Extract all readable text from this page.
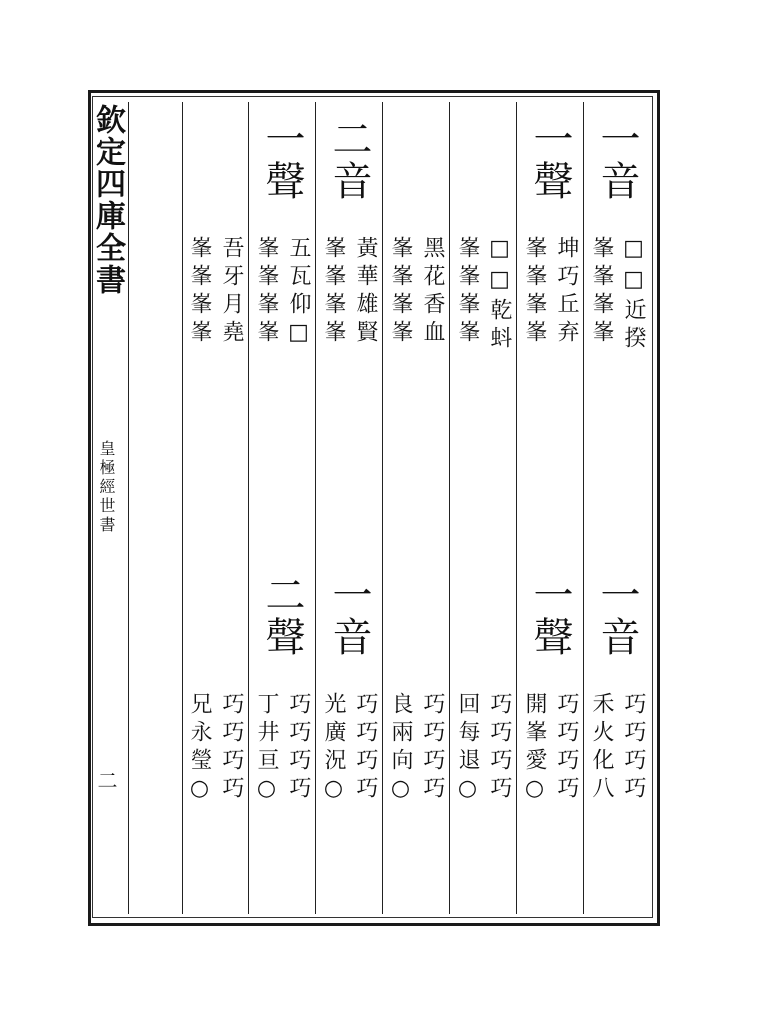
欽定四庫全書
皇極經世書
二
一音
□□近揆
峯峯峯峯
一音
巧巧巧巧
禾火化八
一聲
坤巧丘弃
峯峯峯峯
一聲
巧巧巧巧
開峯愛○
□□乾蚪
峯峯峯峯
巧巧巧巧
回每退○
黑花香血
峯峯峯峯
巧巧巧巧
良兩向○
二音
黃華雄賢
峯峯峯峯
一音
巧巧巧巧
光廣況○
一聲
五瓦仰□
峯峯峯峯
二聲
巧巧巧巧
丁井亘○
吾牙月堯
峯峯峯峯
巧巧巧巧
兄永瑩○
